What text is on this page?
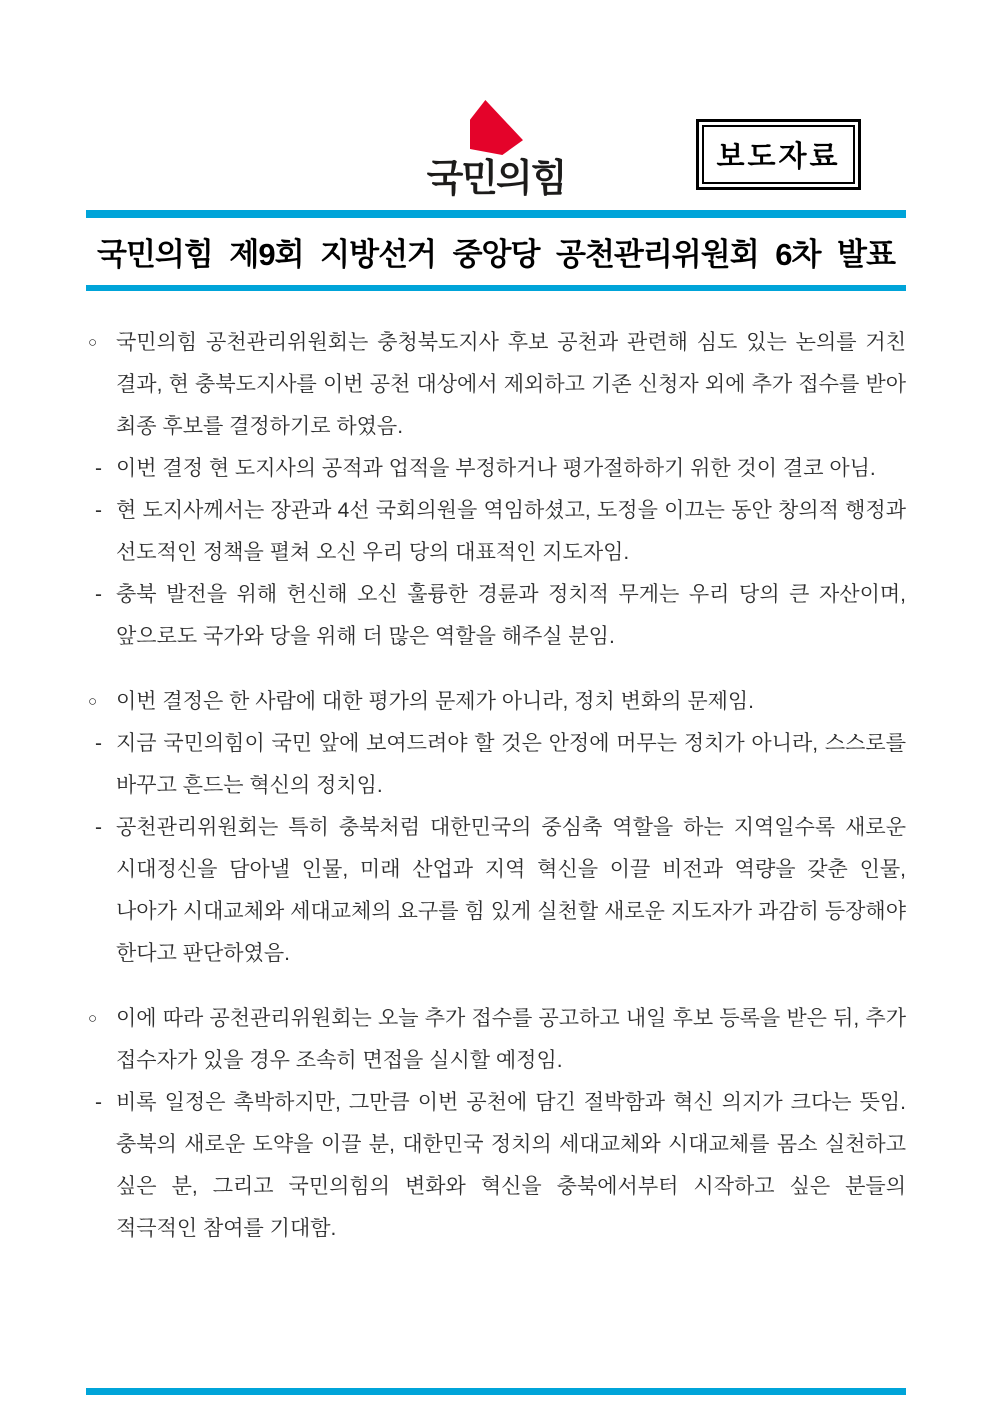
국민의힘
보도자료
국민의힘 제9회 지방선거 중앙당 공천관리위원회 6차 발표
○ 국민의힘 공천관리위원회는 충청북도지사 후보 공천과 관련해 심도 있는 논의를 거친 결과, 현 충북도지사를 이번 공천 대상에서 제외하고 기존 신청자 외에 추가 접수를 받아 최종 후보를 결정하기로 하였음.
- 이번 결정 현 도지사의 공적과 업적을 부정하거나 평가절하하기 위한 것이 결코 아님.
- 현 도지사께서는 장관과 4선 국회의원을 역임하셨고, 도정을 이끄는 동안 창의적 행정과 선도적인 정책을 펼쳐 오신 우리 당의 대표적인 지도자임.
- 충북 발전을 위해 헌신해 오신 훌륭한 경륜과 정치적 무게는 우리 당의 큰 자산이며, 앞으로도 국가와 당을 위해 더 많은 역할을 해주실 분임.
○ 이번 결정은 한 사람에 대한 평가의 문제가 아니라, 정치 변화의 문제임.
- 지금 국민의힘이 국민 앞에 보여드려야 할 것은 안정에 머무는 정치가 아니라, 스스로를 바꾸고 흔드는 혁신의 정치임.
- 공천관리위원회는 특히 충북처럼 대한민국의 중심축 역할을 하는 지역일수록 새로운 시대정신을 담아낼 인물, 미래 산업과 지역 혁신을 이끌 비전과 역량을 갖춘 인물, 나아가 시대교체와 세대교체의 요구를 힘 있게 실천할 새로운 지도자가 과감히 등장해야 한다고 판단하였음.
○ 이에 따라 공천관리위원회는 오늘 추가 접수를 공고하고 내일 후보 등록을 받은 뒤, 추가 접수자가 있을 경우 조속히 면접을 실시할 예정임.
- 비록 일정은 촉박하지만, 그만큼 이번 공천에 담긴 절박함과 혁신 의지가 크다는 뜻임. 충북의 새로운 도약을 이끌 분, 대한민국 정치의 세대교체와 시대교체를 몸소 실천하고 싶은 분, 그리고 국민의힘의 변화와 혁신을 충북에서부터 시작하고 싶은 분들의 적극적인 참여를 기대함.
